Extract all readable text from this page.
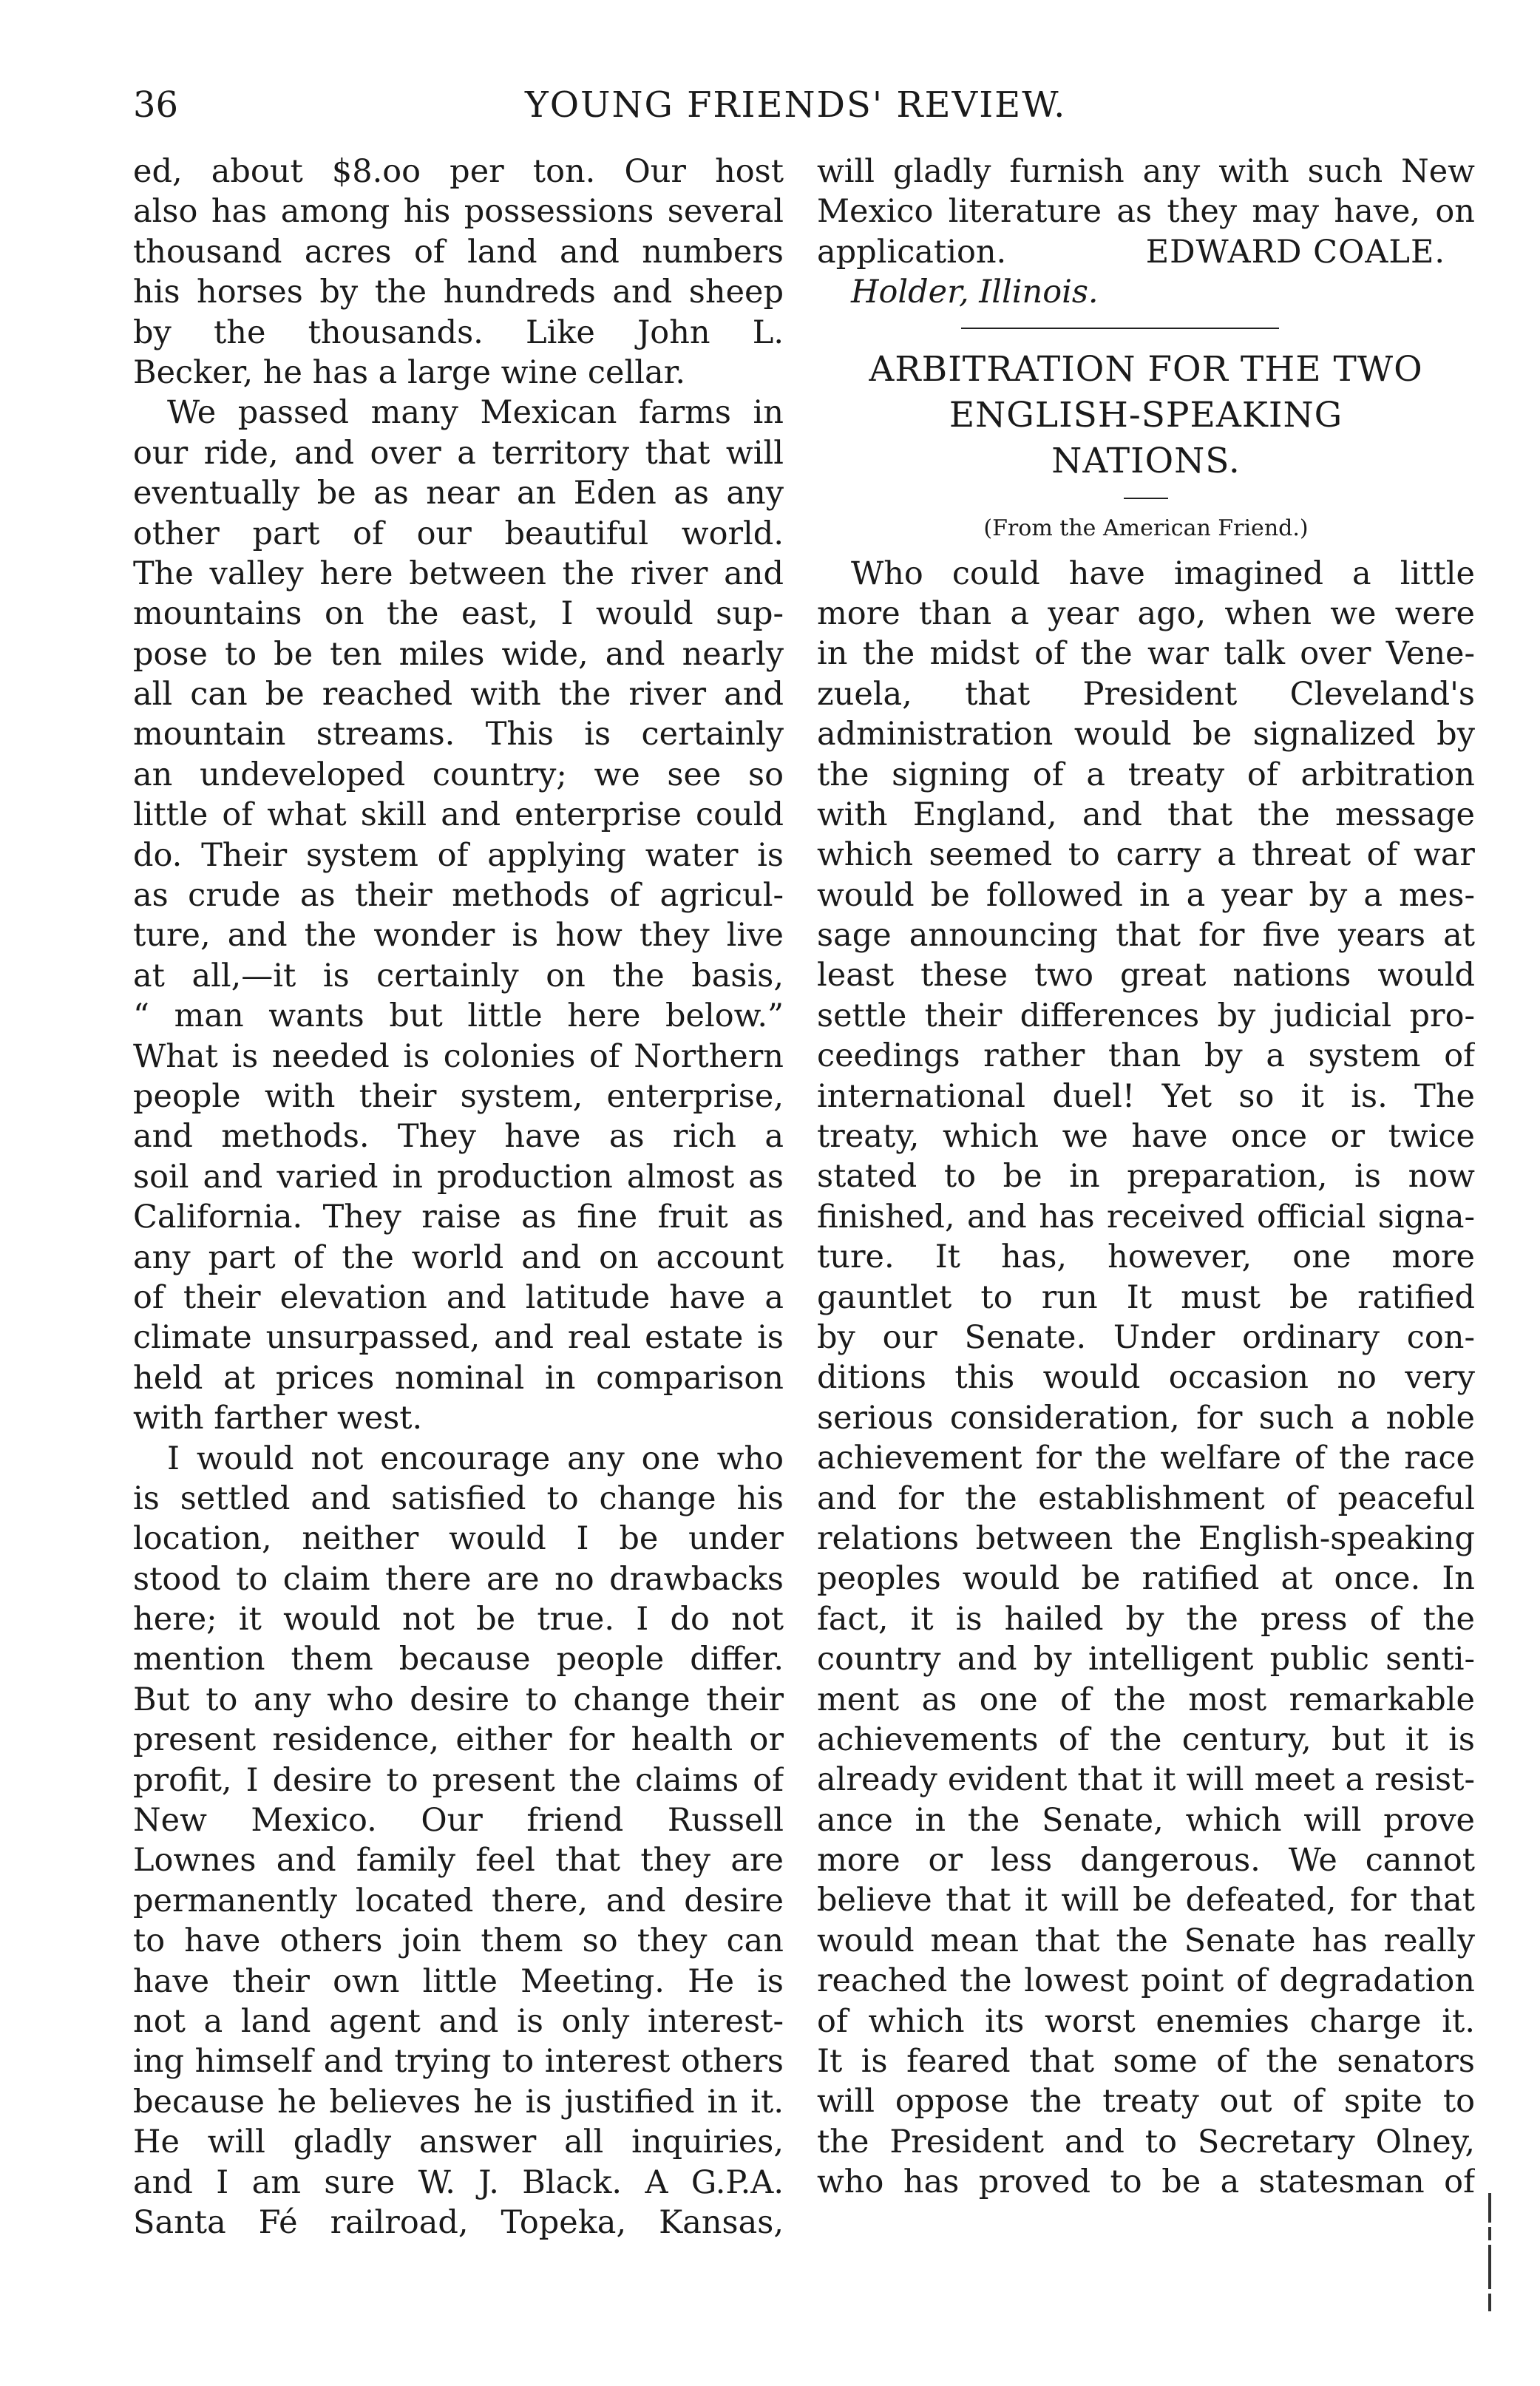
36	YOUNG FRIENDS' REVIEW.
ed, about $8.oo per ton. Our host
also has among his possessions several
thousand acres of land and numbers
his horses by the hundreds and sheep
by the thousands. Like John L.
Becker, he has a large wine cellar.
We passed many Mexican farms in
our ride, and over a territory that will
eventually be as near an Eden as any
other part of our beautiful world.
The valley here between the river and
mountains on the east, I would sup-
pose to be ten miles wide, and nearly
all can be reached with the river and
mountain streams. This is certainly
an undeveloped country; we see so
little of what skill and enterprise could
do. Their system of applying water is
as crude as their methods of agricul-
ture, and the wonder is how they live
at all,—it is certainly on the basis,
“ man wants but little here below.”
What is needed is colonies of Northern
people with their system, enterprise,
and methods. They have as rich a
soil and varied in production almost as
California. They raise as fine fruit as
any part of the world and on account
of their elevation and latitude have a
climate unsurpassed, and real estate is
held at prices nominal in comparison
with farther west.
I would not encourage any one who
is settled and satisfied to change his
location, neither would I be under
stood to claim there are no drawbacks
here; it would not be true. I do not
mention them because people differ.
But to any who desire to change their
present residence, either for health or
profit, I desire to present the claims of
New Mexico. Our friend Russell
Lownes and family feel that they are
permanently located there, and desire
to have others join them so they can
have their own little Meeting. He is
not a land agent and is only interest-
ing himself and trying to interest others
because he believes he is justified in it.
He will gladly answer all inquiries,
and I am sure W. J. Black. A G.P.A.
Santa Fé railroad, Topeka, Kansas,
will gladly furnish any with such New
Mexico literature as they may have, on
application.	EDWARD COALE.
Holder, Illinois.
ARBITRATION FOR THE TWO
ENGLISH-SPEAKING
NATIONS.
(From the American Friend.)
Who could have imagined a little
more than a year ago, when we were
in the midst of the war talk over Vene-
zuela, that President Cleveland's
administration would be signalized by
the signing of a treaty of arbitration
with England, and that the message
which seemed to carry a threat of war
would be followed in a year by a mes-
sage announcing that for five years at
least these two great nations would
settle their differences by judicial pro-
ceedings rather than by a system of
international duel! Yet so it is. The
treaty, which we have once or twice
stated to be in preparation, is now
finished, and has received official signa-
ture. It has, however, one more
gauntlet to run It must be ratified
by our Senate. Under ordinary con-
ditions this would occasion no very
serious consideration, for such a noble
achievement for the welfare of the race
and for the establishment of peaceful
relations between the English-speaking
peoples would be ratified at once. In
fact, it is hailed by the press of the
country and by intelligent public senti-
ment as one of the most remarkable
achievements of the century, but it is
already evident that it will meet a resist-
ance in the Senate, which will prove
more or less dangerous. We cannot
believe that it will be defeated, for that
would mean that the Senate has really
reached the lowest point of degradation
of which its worst enemies charge it.
It is feared that some of the senators
will oppose the treaty out of spite to
the President and to Secretary Olney,
who has proved to be a statesman of
